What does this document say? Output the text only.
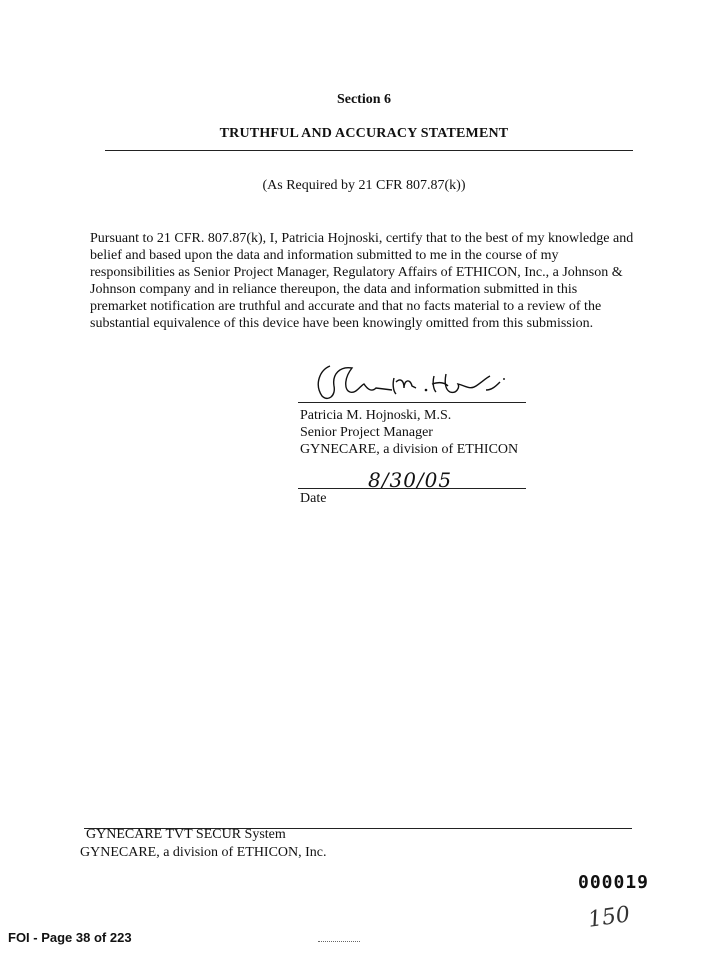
Section 6
TRUTHFUL AND ACCURACY STATEMENT
(As Required by 21 CFR 807.87(k))
Pursuant to 21 CFR. 807.87(k), I, Patricia Hojnoski, certify that to the best of my knowledge and
belief and based upon the data and information submitted to me in the course of my
responsibilities as Senior Project Manager, Regulatory Affairs of ETHICON, Inc., a Johnson &
Johnson company and in reliance thereupon, the data and information submitted in this
premarket notification are truthful and accurate and that no facts material to a review of the
substantial equivalence of this device have been knowingly omitted from this submission.
Patricia M. Hojnoski, M.S.
Senior Project Manager
GYNECARE, a division of ETHICON
8/30/05
Date
GYNECARE TVT SECUR System
GYNECARE, a division of ETHICON, Inc.
000019
150
FOI - Page 38 of 223
